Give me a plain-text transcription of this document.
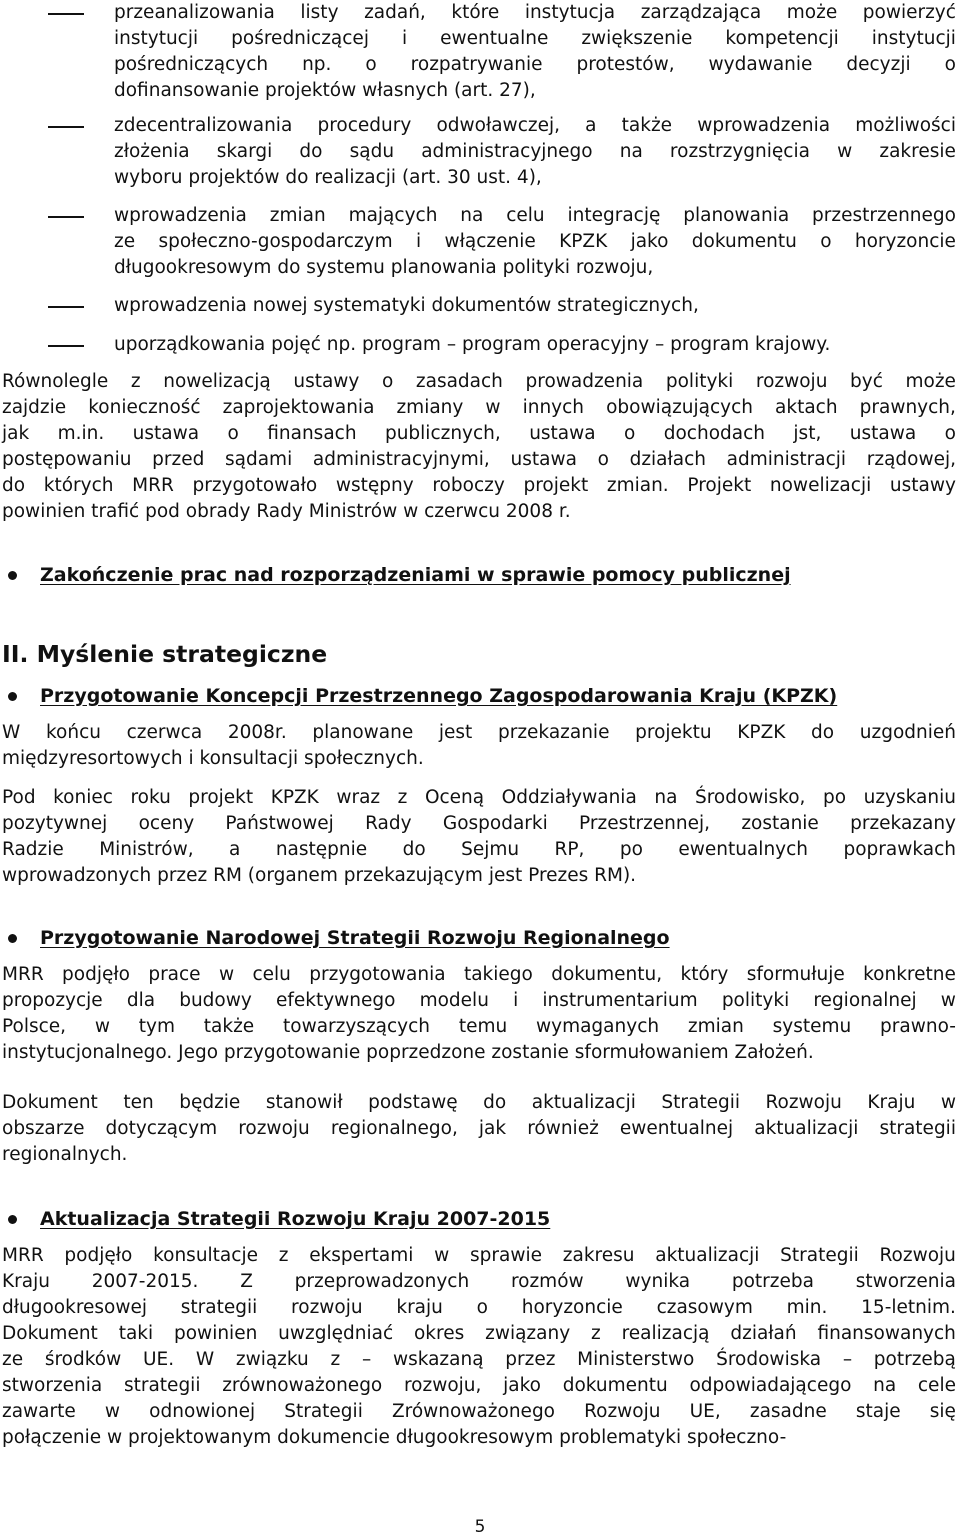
przeanalizowania listy zadań, które instytucja zarządzająca może powierzyć
instytucji pośredniczącej i ewentualne zwiększenie kompetencji instytucji
pośredniczących np. o rozpatrywanie protestów, wydawanie decyzji o
dofinansowanie projektów własnych (art. 27),
zdecentralizowania procedury odwoławczej, a także wprowadzenia możliwości
złożenia skargi do sądu administracyjnego na rozstrzygnięcia w zakresie
wyboru projektów do realizacji (art. 30 ust. 4),
wprowadzenia zmian mających na celu integrację planowania przestrzennego
ze społeczno-gospodarczym i włączenie KPZK jako dokumentu o horyzoncie
długookresowym do systemu planowania polityki rozwoju,
wprowadzenia nowej systematyki dokumentów strategicznych,
uporządkowania pojęć np. program – program operacyjny – program krajowy.
Równolegle z nowelizacją ustawy o zasadach prowadzenia polityki rozwoju być może
zajdzie konieczność zaprojektowania zmiany w innych obowiązujących aktach prawnych,
jak m.in. ustawa o finansach publicznych, ustawa o dochodach jst, ustawa o
postępowaniu przed sądami administracyjnymi, ustawa o działach administracji rządowej,
do których MRR przygotowało wstępny roboczy projekt zmian. Projekt nowelizacji ustawy
powinien trafić pod obrady Rady Ministrów w czerwcu 2008 r.
Zakończenie prac nad rozporządzeniami w sprawie pomocy publicznej
II. Myślenie strategiczne
Przygotowanie Koncepcji Przestrzennego Zagospodarowania Kraju (KPZK)
W końcu czerwca 2008r. planowane jest przekazanie projektu KPZK do uzgodnień
międzyresortowych i konsultacji społecznych.
Pod koniec roku projekt KPZK wraz z Oceną Oddziaływania na Środowisko, po uzyskaniu
pozytywnej oceny Państwowej Rady Gospodarki Przestrzennej, zostanie przekazany
Radzie Ministrów, a następnie do Sejmu RP, po ewentualnych poprawkach
wprowadzonych przez RM (organem przekazującym jest Prezes RM).
Przygotowanie Narodowej Strategii Rozwoju Regionalnego
MRR podjęło prace w celu przygotowania takiego dokumentu, który sformułuje konkretne
propozycje dla budowy efektywnego modelu i instrumentarium polityki regionalnej w
Polsce, w tym także towarzyszących temu wymaganych zmian systemu prawno-
instytucjonalnego. Jego przygotowanie poprzedzone zostanie sformułowaniem Założeń.
Dokument ten będzie stanowił podstawę do aktualizacji Strategii Rozwoju Kraju w
obszarze dotyczącym rozwoju regionalnego, jak również ewentualnej aktualizacji strategii
regionalnych.
Aktualizacja Strategii Rozwoju Kraju 2007-2015
MRR podjęło konsultacje z ekspertami w sprawie zakresu aktualizacji Strategii Rozwoju
Kraju 2007-2015. Z przeprowadzonych rozmów wynika potrzeba stworzenia
długookresowej strategii rozwoju kraju o horyzoncie czasowym min. 15-letnim.
Dokument taki powinien uwzględniać okres związany z realizacją działań finansowanych
ze środków UE. W związku z – wskazaną przez Ministerstwo Środowiska – potrzebą
stworzenia strategii zrównoważonego rozwoju, jako dokumentu odpowiadającego na cele
zawarte w odnowionej Strategii Zrównoważonego Rozwoju UE, zasadne staje się
połączenie w projektowanym dokumencie długookresowym problematyki społeczno-
5
